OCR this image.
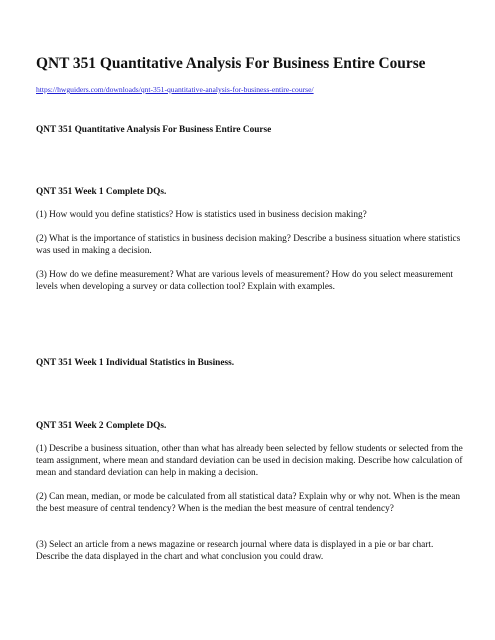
QNT 351 Quantitative Analysis For Business Entire Course
https://hwguiders.com/downloads/qnt-351-quantitative-analysis-for-business-entire-course/
QNT 351 Quantitative Analysis For Business Entire Course
QNT 351 Week 1 Complete DQs.

(1) How would you define statistics? How is statistics used in business decision making?

(2) What is the importance of statistics in business decision making? Describe a business situation where statistics was used in making a decision.

(3) How do we define measurement? What are various levels of measurement? How do you select measurement levels when developing a survey or data collection tool? Explain with examples.

QNT 351 Week 1 Individual Statistics in Business.
QNT 351 Week 2 Complete DQs.

(1) Describe a business situation, other than what has already been selected by fellow students or selected from the team assignment, where mean and standard deviation can be used in decision making. Describe how calculation of mean and standard deviation can help in making a decision.

(2) Can mean, median, or mode be calculated from all statistical data? Explain why or why not. When is the mean the best measure of central tendency? When is the median the best measure of central tendency?

(3) Select an article from a news magazine or research journal where data is displayed in a pie or bar chart. Describe the data displayed in the chart and what conclusion you could draw.
